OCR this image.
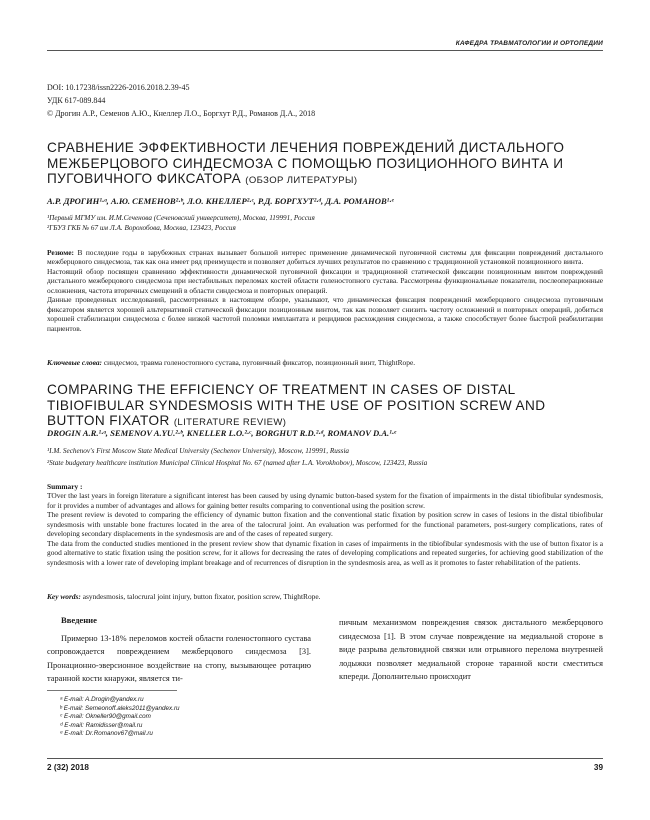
КАФЕДРА ТРАВМАТОЛОГИИ И ОРТОПЕДИИ
DOI: 10.17238/issn2226-2016.2018.2.39-45
УДК 617-089.844
© Дрогин А.Р., Семенов А.Ю., Кнеллер Л.О., Боргхут Р.Д., Романов Д.А., 2018
СРАВНЕНИЕ ЭФФЕКТИВНОСТИ ЛЕЧЕНИЯ ПОВРЕЖДЕНИЙ ДИСТАЛЬНОГО МЕЖБЕРЦОВОГО СИНДЕСМОЗА С ПОМОЩЬЮ ПОЗИЦИОННОГО ВИНТА И ПУГОВИЧНОГО ФИКСАТОРА (ОБЗОР ЛИТЕРАТУРЫ)
А.Р. ДРОГИН¹·ᵃ, А.Ю. СЕМЕНОВ²·ᵇ, Л.О. КНЕЛЛЕР²·ᶜ, Р.Д. БОРГХУТ²·ᵈ, Д.А. РОМАНОВ¹·ᵉ
¹Первый МГМУ им. И.М.Сеченова (Сеченовский университет), Москва, 119991, Россия
²ГБУЗ ГКБ № 67 им Л.А. Ворохобова, Москва, 123423, Россия
Резюме: В последние годы в зарубежных странах вызывает большой интерес применение динамической пуговичной системы для фиксации повреждений дистального межберцового синдесмоза, так как она имеет ряд преимуществ и позволяет добиться лучших результатов по сравнению с традиционной установкой позиционного винта.
Настоящий обзор посвящен сравнению эффективности динамической пуговичной фиксации и традиционной статической фиксации позиционным винтом повреждений дистального межберцового синдесмоза при нестабильных переломах костей области голеностопного сустава. Рассмотрены функциональные показатели, послеоперационные осложнения, частота вторичных смещений в области синдесмоза и повторных операций.
Данные проведенных исследований, рассмотренных в настоящем обзоре, указывают, что динамическая фиксация повреждений межберцового синдесмоза пуговичным фиксатором является хорошей альтернативой статической фиксации позиционным винтом, так как позволяет снизить частоту осложнений и повторных операций, добиться хорошей стабилизации синдесмоза с более низкой частотой поломки имплантата и рецидивов расхождения синдесмоза, а также способствует более быстрой реабилитации пациентов.
Ключевые слова: синдесмоз, травма голеностопного сустава, пуговичный фиксатор, позиционный винт, ThightRope.
COMPARING THE EFFICIENCY OF TREATMENT IN CASES OF DISTAL TIBIOFIBULAR SYNDESMOSIS WITH THE USE OF POSITION SCREW AND BUTTON FIXATOR (LITERATURE REVIEW)
DROGIN A.R.¹·ᵃ, SEMENOV A.YU.²·ᵇ, KNELLER L.O.²·ᶜ, BORGHUT R.D.²·ᵈ, ROMANOV D.A.¹·ᵉ
¹I.M. Sechenov's First Moscow State Medical University (Sechenov University), Moscow, 119991, Russia
²State budgetary healthcare institution Municipal Clinical Hospital No. 67 (named after L.A. Vorokhobov), Moscow, 123423, Russia
Summary :
TOver the last years in foreign literature a significant interest has been caused by using dynamic button-based system for the fixation of impairments in the distal tibiofibular syndesmosis, for it provides a number of advantages and allows for gaining better results comparing to conventional using the position screw.
The present review is devoted to comparing the efficiency of dynamic button fixation and the conventional static fixation by position screw in cases of lesions in the distal tibiofibular syndesmosis with unstable bone fractures located in the area of the talocrural joint. An evaluation was performed for the functional parameters, post-surgery complications, rates of developing secondary displacements in the syndesmosis are and of the cases of repeated surgery.
The data from the conducted studies mentioned in the present review show that dynamic fixation in cases of impairments in the tibiofibular syndesmosis with the use of button fixator is a good alternative to static fixation using the position screw, for it allows for decreasing the rates of developing complications and repeated surgeries, for achieving good stabilization of the syndesmosis with a lower rate of developing implant breakage and of recurrences of disruption in the syndesmosis area, as well as it promotes to faster rehabilitation of the patients.
Key words: asyndesmosis, talocrural joint injury, button fixator, position screw, ThightRope.
Введение

Примерно 13-18% переломов костей области голеностопного сустава сопровождается повреждением межберцового синдесмоза [3]. Пронационно-эверсионное воздействие на стопу, вызывающее ротацию таранной кости кнаружи, является ти-

пичным механизмом повреждения связок дистального межберцового синдесмоза [1]. В этом случае повреждение на медиальной стороне в виде разрыва дельтовидной связки или отрывного перелома внутренней лодыжки позволяет медиальной стороне таранной кости сместиться кпереди. Дополнительно происходит

ᵃ E-mail: A.Drogin@yandex.ru
ᵇ E-mail: Semeonoff.aleks2011@yandex.ru
ᶜ E-mail: Okneller90@gmail.com
ᵈ E-mail: Ramidisser@mail.ru
ᵉ E-mail: Dr.Romanov67@mail.ru
2 (32) 2018	39
